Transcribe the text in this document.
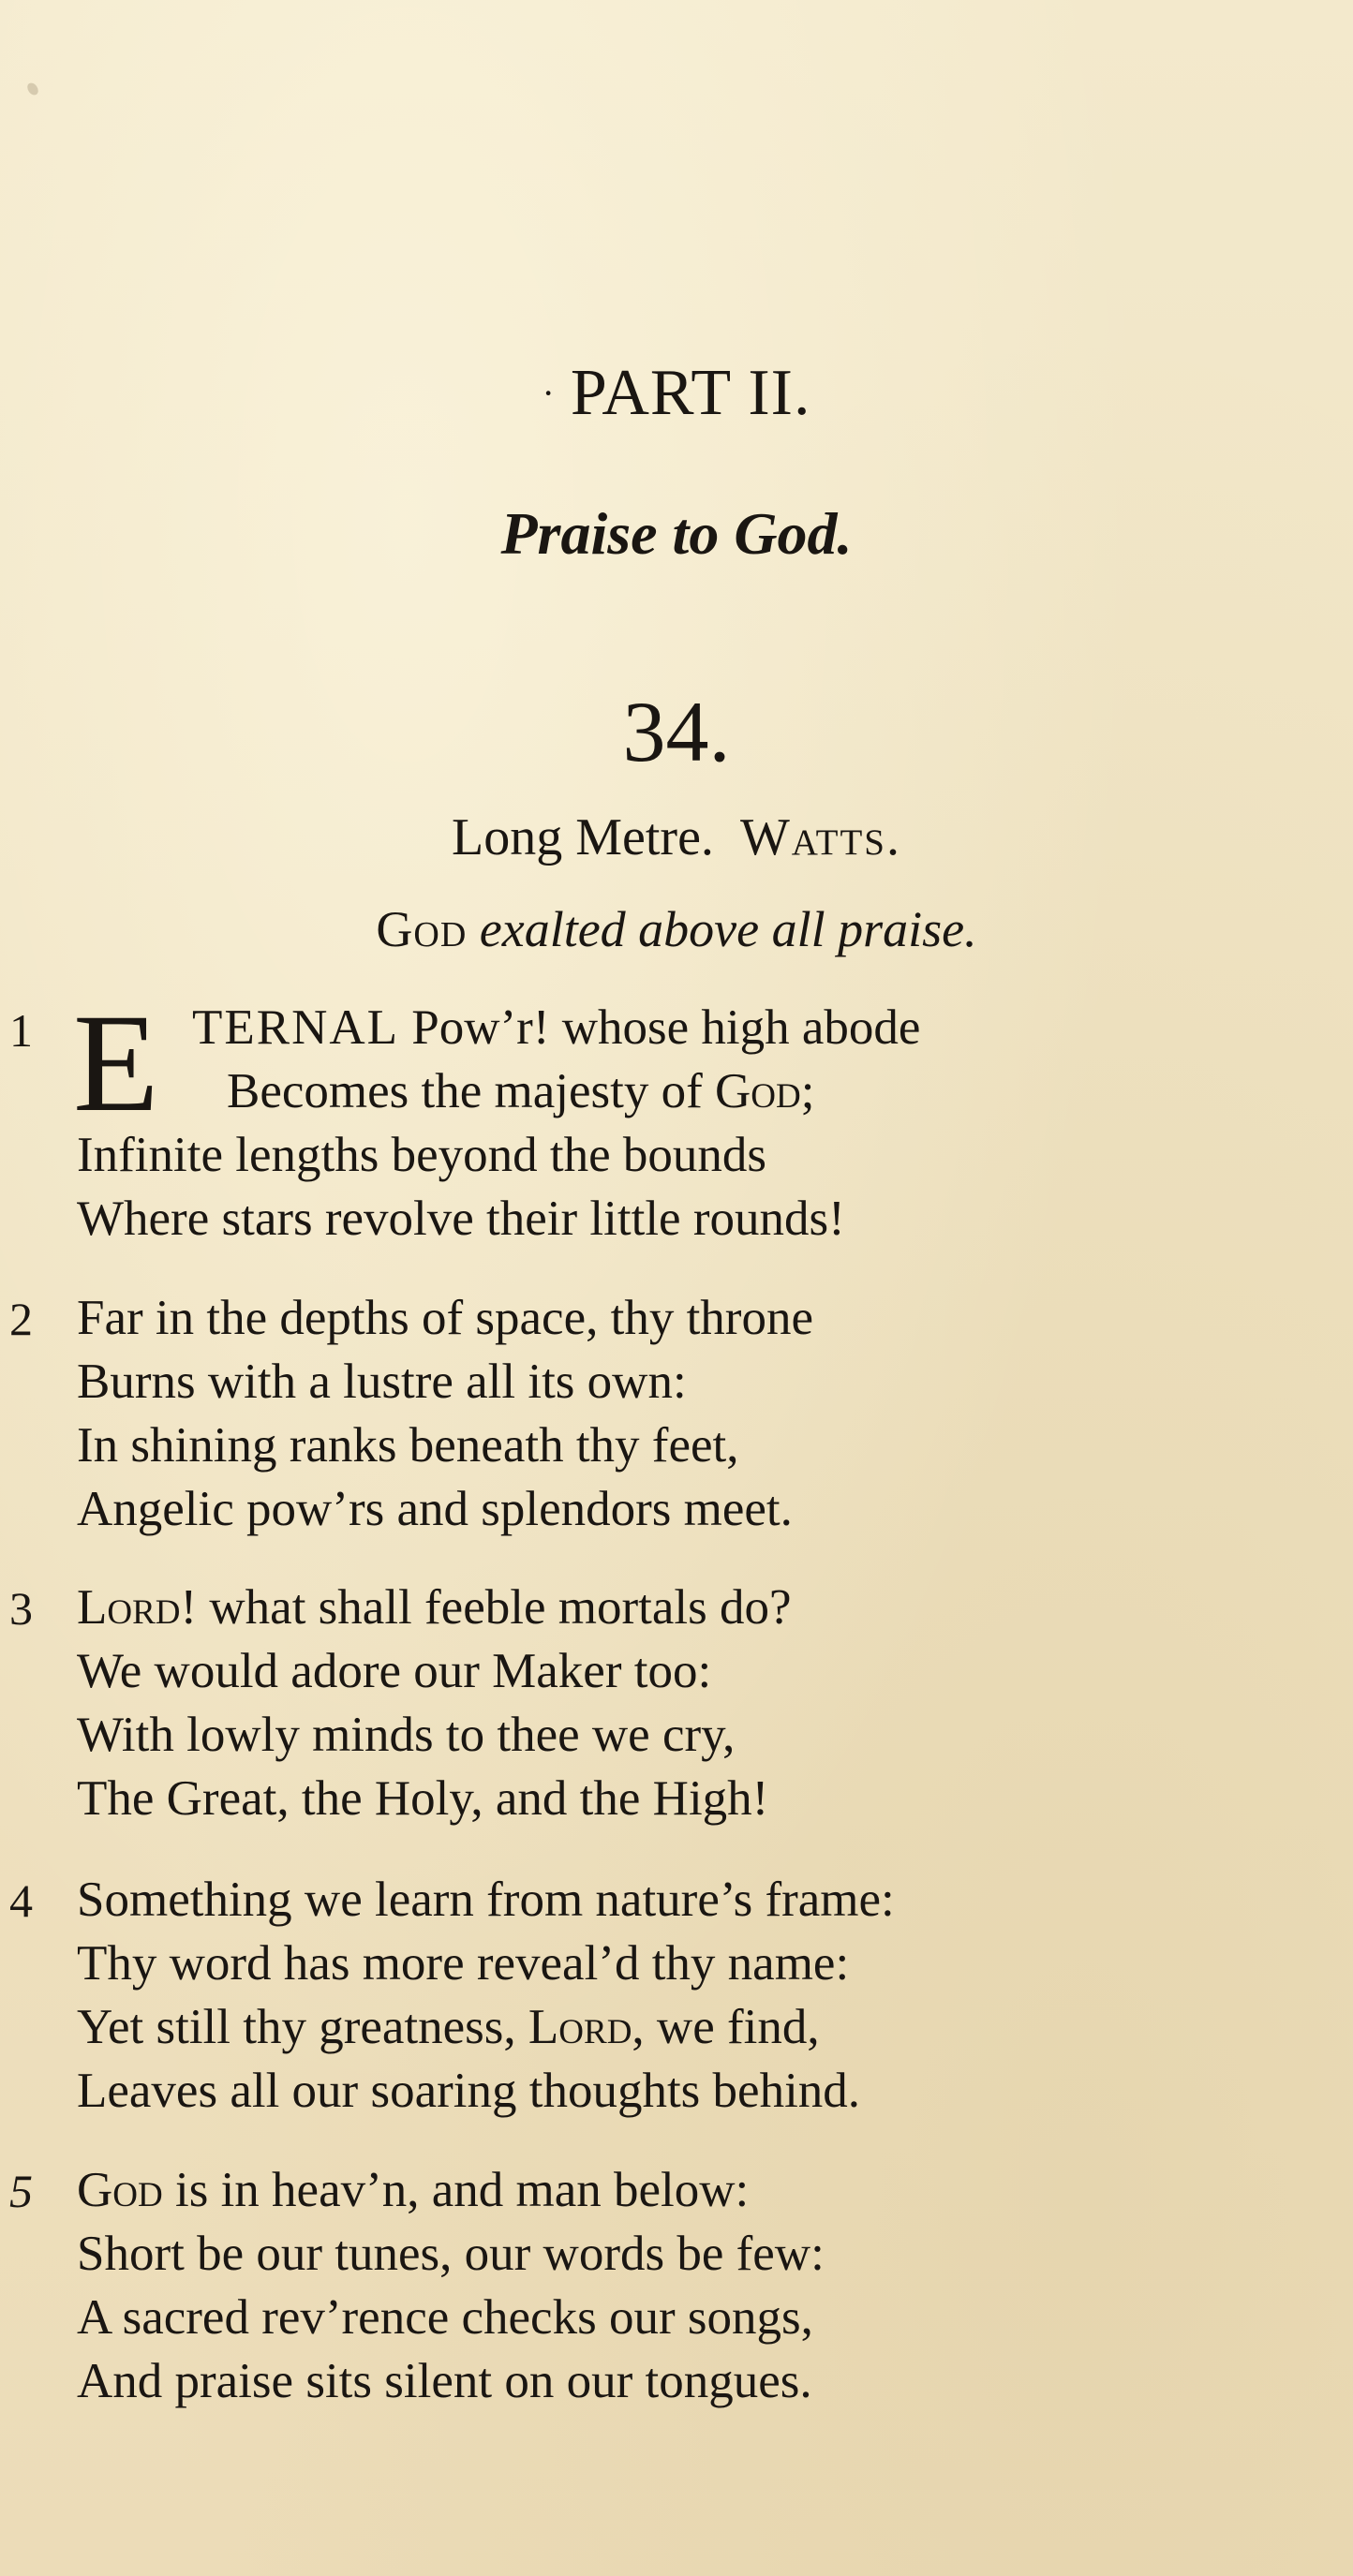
· PART II.
Praise to God.
34.
Long Metre. Watts.
God exalted above all praise.
1 E TERNAL Pow’r! whose high abode
Becomes the majesty of God;
Infinite lengths beyond the bounds
Where stars revolve their little rounds!
2 Far in the depths of space, thy throne
Burns with a lustre all its own:
In shining ranks beneath thy feet,
Angelic pow’rs and splendors meet.
3 Lord! what shall feeble mortals do?
We would adore our Maker too:
With lowly minds to thee we cry,
The Great, the Holy, and the High!
4 Something we learn from nature’s frame:
Thy word has more reveal’d thy name:
Yet still thy greatness, Lord, we find,
Leaves all our soaring thoughts behind.
5 God is in heav’n, and man below:
Short be our tunes, our words be few:
A sacred rev’rence checks our songs,
And praise sits silent on our tongues.
